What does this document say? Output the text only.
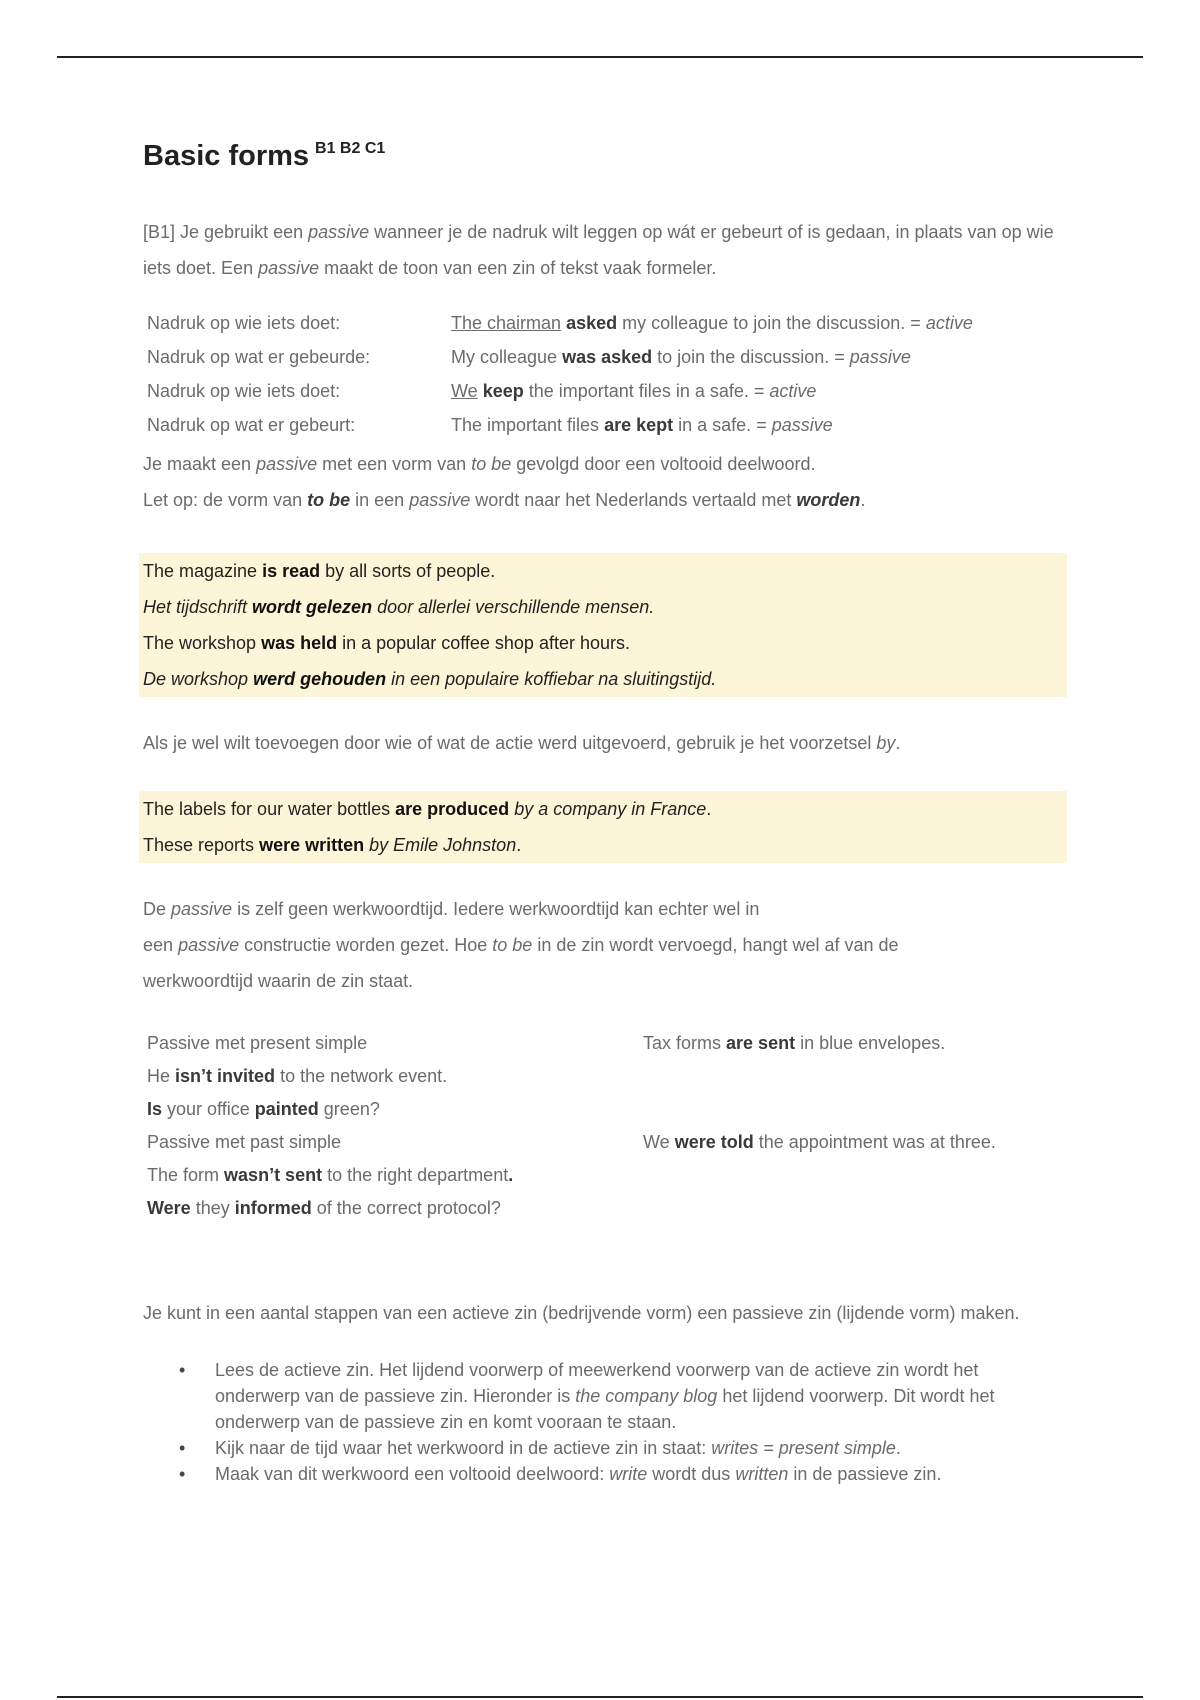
Basic forms $^{B1 B2 C1}$

[B1] Je gebruikt een passive wanneer je de nadruk wilt leggen op wát er gebeurt of is gedaan, in plaats van op wie iets doet. Een passive maakt de toon van een zin of tekst vaak formeler.

Nadruk op wie iets doet:	The chairman asked my colleague to join the discussion. = active
Nadruk op wat er gebeurde:	My colleague was asked to join the discussion. = passive
Nadruk op wie iets doet:	We keep the important files in a safe. = active
Nadruk op wat er gebeurt:	The important files are kept in a safe. = passive

Je maakt een passive met een vorm van to be gevolgd door een voltooid deelwoord.

Let op: de vorm van to be in een passive wordt naar het Nederlands vertaald met worden.

The magazine is read by all sorts of people.
Het tijdschrift wordt gelezen door allerlei verschillende mensen.
The workshop was held in a popular coffee shop after hours.
De workshop werd gehouden in een populaire koffiebar na sluitingstijd.

Als je wel wilt toevoegen door wie of wat de actie werd uitgevoerd, gebruik je het voorzetsel by.

The labels for our water bottles are produced by a company in France.
These reports were written by Emile Johnston.

De passive is zelf geen werkwoordtijd. Iedere werkwoordtijd kan echter wel in
een passive constructie worden gezet. Hoe to be in de zin wordt vervoegd, hangt wel af van de
werkwoordtijd waarin de zin staat.

Passive met present simple	Tax forms are sent in blue envelopes.
He isn’t invited to the network event.
Is your office painted green?
Passive met past simple	We were told the appointment was at three.
The form wasn’t sent to the right department.
Were they informed of the correct protocol?

Je kunt in een aantal stappen van een actieve zin (bedrijvende vorm) een passieve zin (lijdende vorm) maken.

• Lees de actieve zin. Het lijdend voorwerp of meewerkend voorwerp van de actieve zin wordt het onderwerp van de passieve zin. Hieronder is the company blog het lijdend voorwerp. Dit wordt het onderwerp van de passieve zin en komt vooraan te staan.
• Kijk naar de tijd waar het werkwoord in de actieve zin in staat: writes = present simple.
• Maak van dit werkwoord een voltooid deelwoord: write wordt dus written in de passieve zin.
